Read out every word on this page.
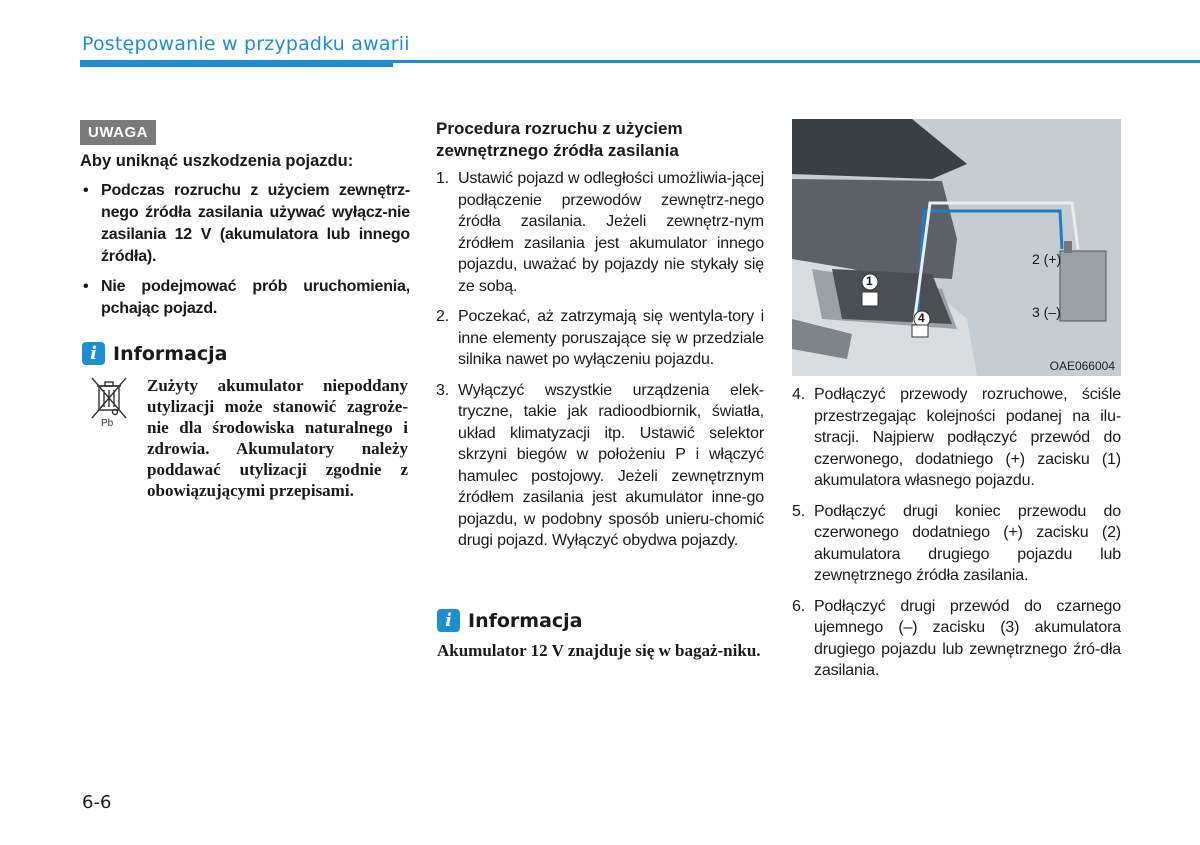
Postępowanie w przypadku awarii
UWAGA
Aby uniknąć uszkodzenia pojazdu:
• Podczas rozruchu z użyciem zewnętrz-nego źródła zasilania używać wyłącz-nie zasilania 12 V (akumulatora lub innego źródła).
• Nie podejmować prób uruchomienia, pchając pojazd.
i Informacja
Pb
Zużyty akumulator niepoddany utylizacji może stanowić zagroże-nie dla środowiska naturalnego i zdrowia. Akumulatory należy poddawać utylizacji zgodnie z obowiązującymi przepisami.
Procedura rozruchu z użyciem zewnętrznego źródła zasilania
1. Ustawić pojazd w odległości umożliwia-jącej podłączenie przewodów zewnętrz-nego źródła zasilania. Jeżeli zewnętrz-nym źródłem zasilania jest akumulator innego pojazdu, uważać by pojazdy nie stykały się ze sobą.
2. Poczekać, aż zatrzymają się wentyla-tory i inne elementy poruszające się w przedziale silnika nawet po wyłączeniu pojazdu.
3. Wyłączyć wszystkie urządzenia elek-tryczne, takie jak radioodbiornik, światła, układ klimatyzacji itp. Ustawić selektor skrzyni biegów w położeniu P i włączyć hamulec postojowy. Jeżeli zewnętrznym źródłem zasilania jest akumulator inne-go pojazdu, w podobny sposób unieru-chomić drugi pojazd. Wyłączyć obydwa pojazdy.
i Informacja
Akumulator 12 V znajduje się w bagaż-niku.
1
4
2 (+)
3 (–)
OAE066004
4. Podłączyć przewody rozruchowe, ściśle przestrzegając kolejności podanej na ilu-stracji. Najpierw podłączyć przewód do czerwonego, dodatniego (+) zacisku (1) akumulatora własnego pojazdu.
5. Podłączyć drugi koniec przewodu do czerwonego dodatniego (+) zacisku (2) akumulatora drugiego pojazdu lub zewnętrznego źródła zasilania.
6. Podłączyć drugi przewód do czarnego ujemnego (–) zacisku (3) akumulatora drugiego pojazdu lub zewnętrznego źró-dła zasilania.
6-6
